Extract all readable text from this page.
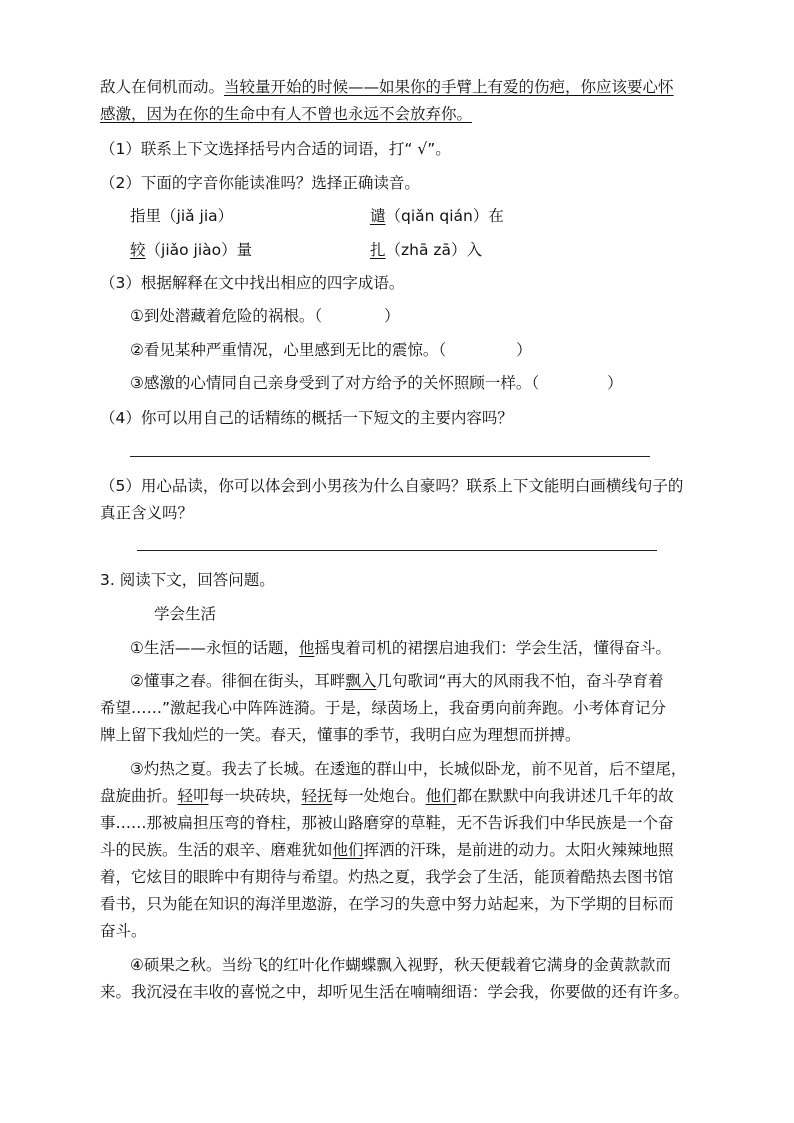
敌人在伺机而动。当较量开始的时候——如果你的手臂上有爱的伤疤，你应该要心怀
感激，因为在你的生命中有人不曾也永远不会放弃你。
（1）联系上下文选择括号内合适的词语，打“ √”。
（2）下面的字音你能读准吗？选择正确读音。
指里（jiǎ jia）	谴（qiǎn qián）在
较（jiǎo jiào）量	扎（zhā zā）入
（3）根据解释在文中找出相应的四字成语。
①到处潜藏着危险的祸根。（	）
②看见某种严重情况，心里感到无比的震惊。（	）
③感激的心情同自己亲身受到了对方给予的关怀照顾一样。（	）
（4）你可以用自己的话精练的概括一下短文的主要内容吗？
（5）用心品读，你可以体会到小男孩为什么自豪吗？联系上下文能明白画横线句子的
真正含义吗？
3. 阅读下文，回答问题。
学会生活
①生活——永恒的话题，他摇曳着司机的裙摆启迪我们：学会生活，懂得奋斗。
②懂事之春。徘徊在街头，耳畔飘入几句歌词“再大的风雨我不怕，奋斗孕育着
希望……”激起我心中阵阵涟漪。于是，绿茵场上，我奋勇向前奔跑。小考体育记分
牌上留下我灿烂的一笑。春天，懂事的季节，我明白应为理想而拼搏。
③灼热之夏。我去了长城。在逶迤的群山中，长城似卧龙，前不见首，后不望尾，
盘旋曲折。轻叩每一块砖块，轻抚每一处炮台。他们都在默默中向我讲述几千年的故
事……那被扁担压弯的脊柱，那被山路磨穿的草鞋，无不告诉我们中华民族是一个奋
斗的民族。生活的艰辛、磨难犹如他们挥洒的汗珠，是前进的动力。太阳火辣辣地照
着，它炫目的眼眸中有期待与希望。灼热之夏，我学会了生活，能顶着酷热去图书馆
看书，只为能在知识的海洋里遨游，在学习的失意中努力站起来，为下学期的目标而
奋斗。
④硕果之秋。当纷飞的红叶化作蝴蝶飘入视野，秋天便载着它满身的金黄款款而
来。我沉浸在丰收的喜悦之中，却听见生活在喃喃细语：学会我，你要做的还有许多。
